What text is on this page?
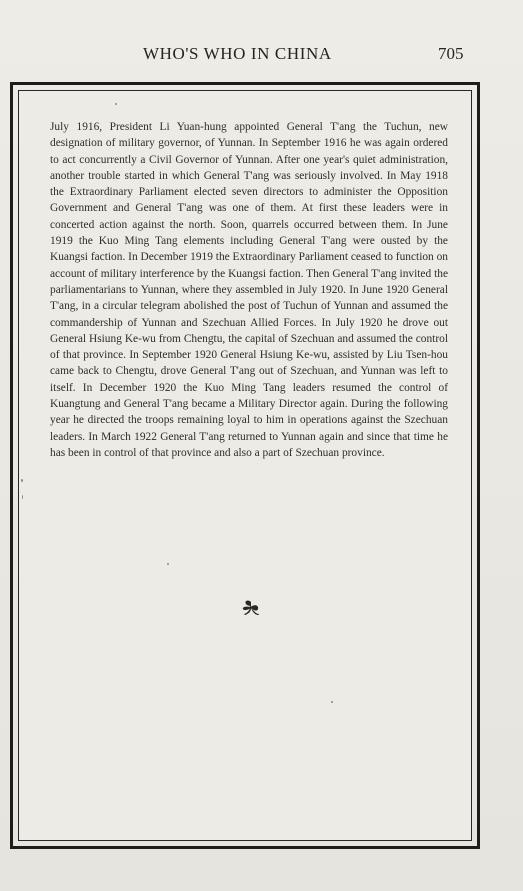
WHO'S WHO IN CHINA	705

July 1916, President Li Yuan-hung appointed General T'ang the Tuchun, new designation of military governor, of Yunnan. In September 1916 he was again ordered to act concurrently a Civil Governor of Yunnan. After one year's quiet administration, another trouble started in which General T'ang was seriously involved. In May 1918 the Extraordinary Parliament elected seven directors to administer the Opposition Government and General T'ang was one of them. At first these leaders were in concerted action against the north. Soon, quarrels occurred between them. In June 1919 the Kuo Ming Tang elements including General T'ang were ousted by the Kuangsi faction. In December 1919 the Extraordinary Parliament ceased to function on account of military interference by the Kuangsi faction. Then General T'ang invited the parliamentarians to Yunnan, where they assembled in July 1920. In June 1920 General T'ang, in a circular telegram abolished the post of Tuchun of Yunnan and assumed the commandership of Yunnan and Szechuan Allied Forces. In July 1920 he drove out General Hsiung Ke-wu from Chengtu, the capital of Szechuan and assumed the control of that province. In September 1920 General Hsiung Ke-wu, assisted by Liu Tsen-hou came back to Chengtu, drove General T'ang out of Szechuan, and Yunnan was left to itself. In December 1920 the Kuo Ming Tang leaders resumed the control of Kuangtung and General T'ang became a Military Director again. During the following year he directed the troops remaining loyal to him in operations against the Szechuan leaders. In March 1922 General T'ang returned to Yunnan again and since that time he has been in control of that province and also a part of Szechuan province.
